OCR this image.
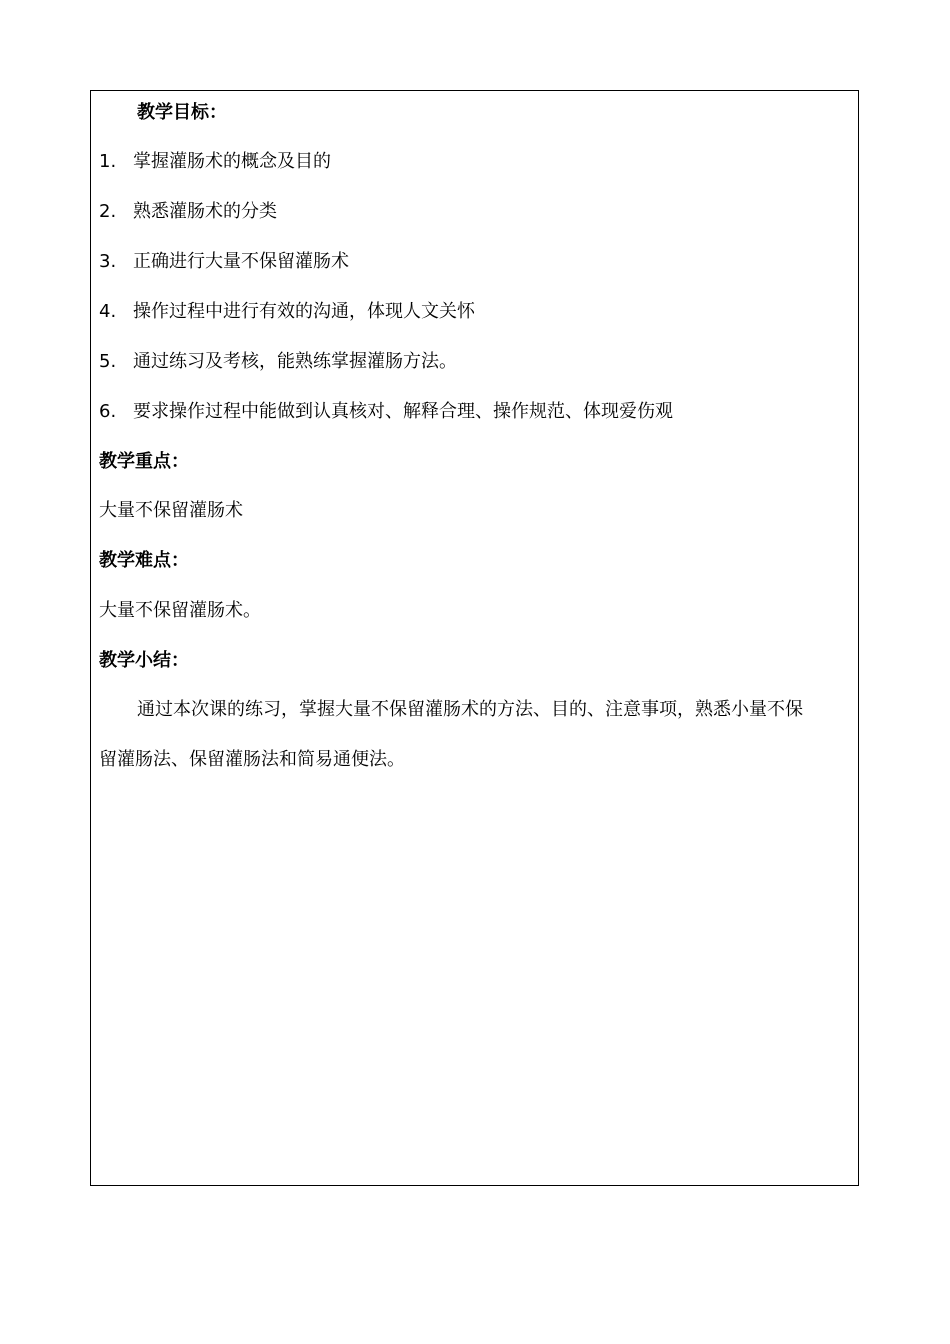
教学目标：
1. 掌握灌肠术的概念及目的
2. 熟悉灌肠术的分类
3. 正确进行大量不保留灌肠术
4. 操作过程中进行有效的沟通，体现人文关怀
5. 通过练习及考核，能熟练掌握灌肠方法。
6. 要求操作过程中能做到认真核对、解释合理、操作规范、体现爱伤观
教学重点：
大量不保留灌肠术
教学难点：
大量不保留灌肠术。
教学小结：
通过本次课的练习，掌握大量不保留灌肠术的方法、目的、注意事项，熟悉小量不保
留灌肠法、保留灌肠法和简易通便法。
